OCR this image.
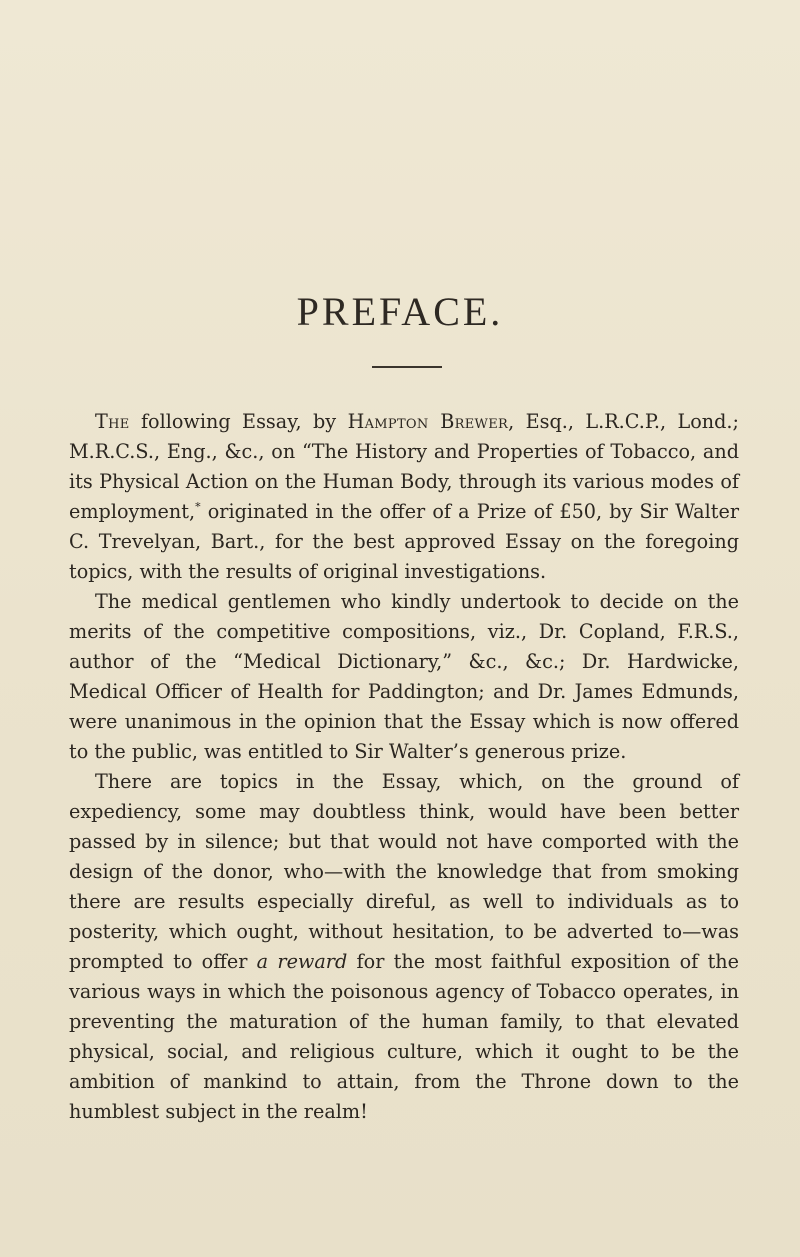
PREFACE.

The following Essay, by Hampton Brewer, Esq., L.R.C.P., Lond.; M.R.C.S., Eng., &c., on “The History and Properties of Tobacco, and its Physical Action on the Human Body, through its various modes of employment,* originated in the offer of a Prize of £50, by Sir Walter C. Trevelyan, Bart., for the best approved Essay on the foregoing topics, with the results of original investigations.

The medical gentlemen who kindly undertook to decide on the merits of the competitive compositions, viz., Dr. Copland, F.R.S., author of the “Medical Dictionary,” &c., &c.; Dr. Hardwicke, Medical Officer of Health for Paddington; and Dr. James Edmunds, were unanimous in the opinion that the Essay which is now offered to the public, was entitled to Sir Walter’s generous prize.

There are topics in the Essay, which, on the ground of expediency, some may doubtless think, would have been better passed by in silence; but that would not have comported with the design of the donor, who—with the knowledge that from smoking there are results especially direful, as well to individuals as to posterity, which ought, without hesitation, to be adverted to—was prompted to offer a reward for the most faithful exposition of the various ways in which the poisonous agency of Tobacco operates, in preventing the maturation of the human family, to that elevated physical, social, and religious culture, which it ought to be the ambition of mankind to attain, from the Throne down to the humblest subject in the realm!
